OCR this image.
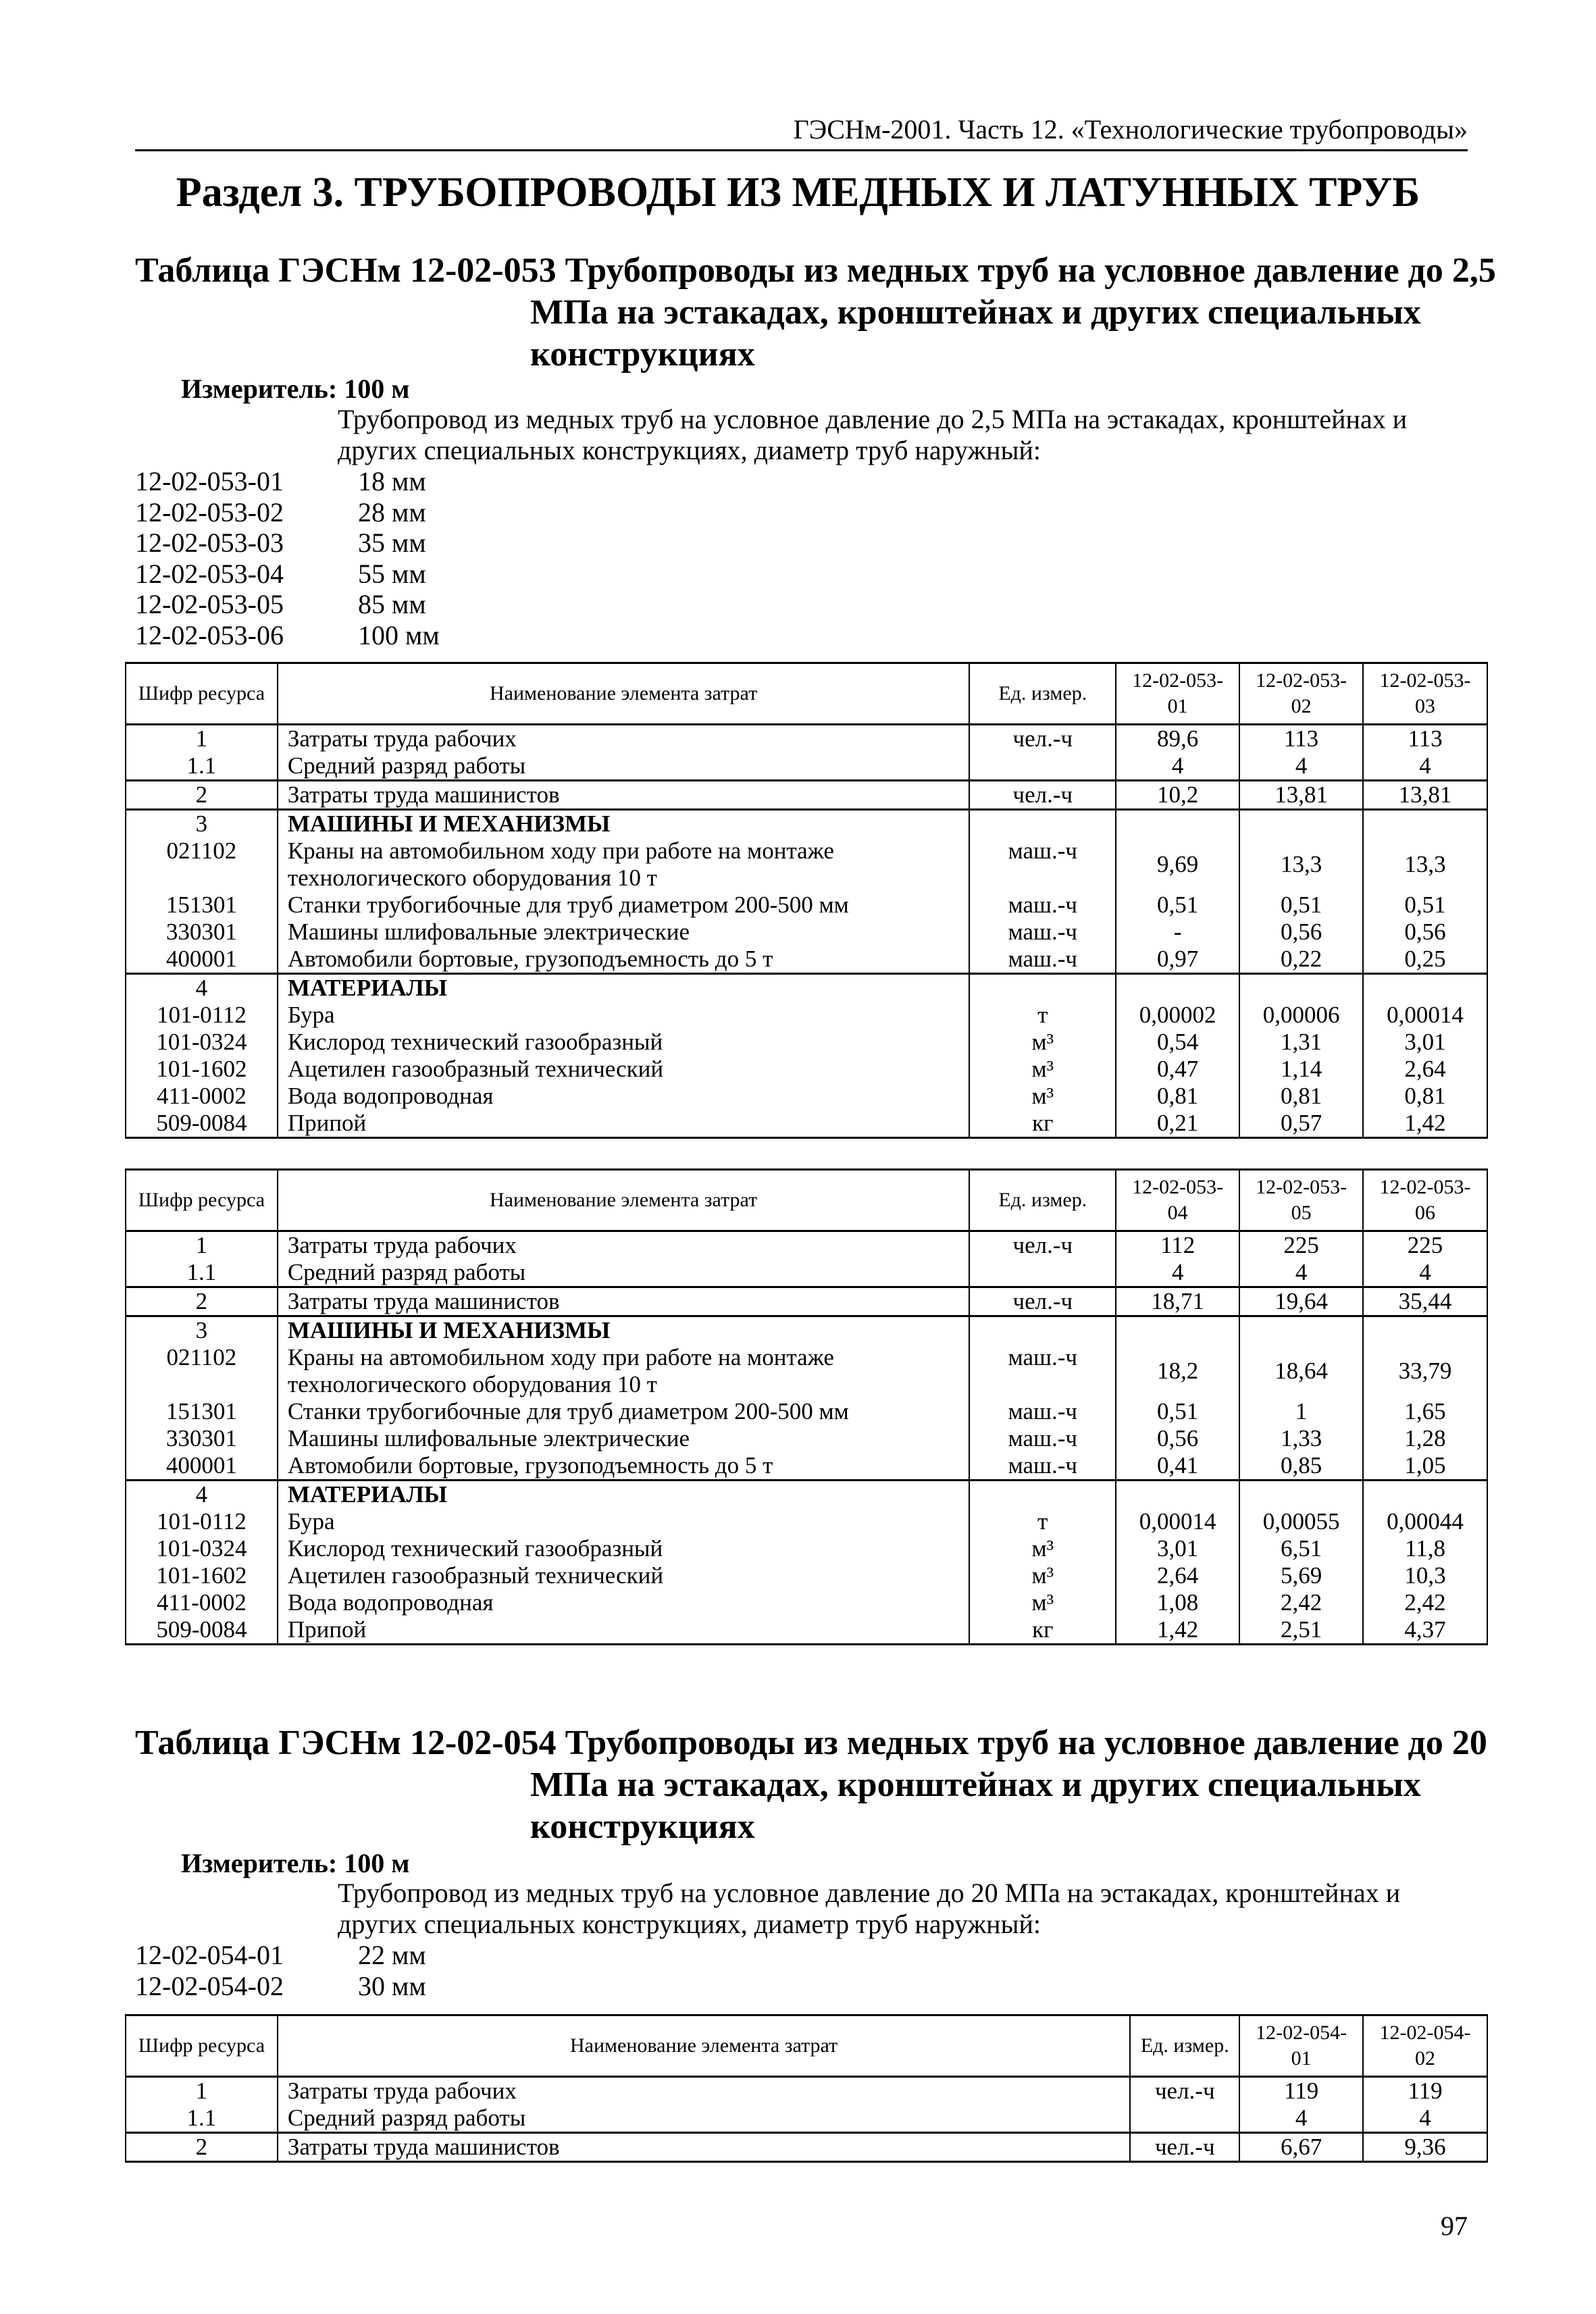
ГЭСНм-2001. Часть 12. «Технологические трубопроводы»
Раздел 3. ТРУБОПРОВОДЫ ИЗ МЕДНЫХ И ЛАТУННЫХ ТРУБ
Таблица ГЭСНм 12-02-053 Трубопроводы из медных труб на условное давление до 2,5
МПа на эстакадах, кронштейнах и других специальных
конструкциях
Измеритель: 100 м
Трубопровод из медных труб на условное давление до 2,5 МПа на эстакадах, кронштейнах и других специальных конструкциях, диаметр труб наружный:
12-02-053-01	18 мм
12-02-053-02	28 мм
12-02-053-03	35 мм
12-02-053-04	55 мм
12-02-053-05	85 мм
12-02-053-06	100 мм
Шифр ресурса	Наименование элемента затрат	Ед. измер.	12-02-053-01	12-02-053-02	12-02-053-03
1	Затраты труда рабочих	чел.-ч	89,6	113	113
1.1	Средний разряд работы		4	4	4
2	Затраты труда машинистов	чел.-ч	10,2	13,81	13,81
3	МАШИНЫ И МЕХАНИЗМЫ				
021102	Краны на автомобильном ходу при работе на монтаже технологического оборудования 10 т	маш.-ч	9,69	13,3	13,3
151301	Станки трубогибочные для труб диаметром 200-500 мм	маш.-ч	0,51	0,51	0,51
330301	Машины шлифовальные электрические	маш.-ч	-	0,56	0,56
400001	Автомобили бортовые, грузоподъемность до 5 т	маш.-ч	0,97	0,22	0,25
4	МАТЕРИАЛЫ				
101-0112	Бура	т	0,00002	0,00006	0,00014
101-0324	Кислород технический газообразный	м³	0,54	1,31	3,01
101-1602	Ацетилен газообразный технический	м³	0,47	1,14	2,64
411-0002	Вода водопроводная	м³	0,81	0,81	0,81
509-0084	Припой	кг	0,21	0,57	1,42
Шифр ресурса	Наименование элемента затрат	Ед. измер.	12-02-053-04	12-02-053-05	12-02-053-06
1	Затраты труда рабочих	чел.-ч	112	225	225
1.1	Средний разряд работы		4	4	4
2	Затраты труда машинистов	чел.-ч	18,71	19,64	35,44
3	МАШИНЫ И МЕХАНИЗМЫ				
021102	Краны на автомобильном ходу при работе на монтаже технологического оборудования 10 т	маш.-ч	18,2	18,64	33,79
151301	Станки трубогибочные для труб диаметром 200-500 мм	маш.-ч	0,51	1	1,65
330301	Машины шлифовальные электрические	маш.-ч	0,56	1,33	1,28
400001	Автомобили бортовые, грузоподъемность до 5 т	маш.-ч	0,41	0,85	1,05
4	МАТЕРИАЛЫ				
101-0112	Бура	т	0,00014	0,00055	0,00044
101-0324	Кислород технический газообразный	м³	3,01	6,51	11,8
101-1602	Ацетилен газообразный технический	м³	2,64	5,69	10,3
411-0002	Вода водопроводная	м³	1,08	2,42	2,42
509-0084	Припой	кг	1,42	2,51	4,37
Таблица ГЭСНм 12-02-054 Трубопроводы из медных труб на условное давление до 20
МПа на эстакадах, кронштейнах и других специальных
конструкциях
Измеритель: 100 м
Трубопровод из медных труб на условное давление до 20 МПа на эстакадах, кронштейнах и других специальных конструкциях, диаметр труб наружный:
12-02-054-01	22 мм
12-02-054-02	30 мм
Шифр ресурса	Наименование элемента затрат	Ед. измер.	12-02-054-01	12-02-054-02
1	Затраты труда рабочих	чел.-ч	119	119
1.1	Средний разряд работы		4	4
2	Затраты труда машинистов	чел.-ч	6,67	9,36
97
